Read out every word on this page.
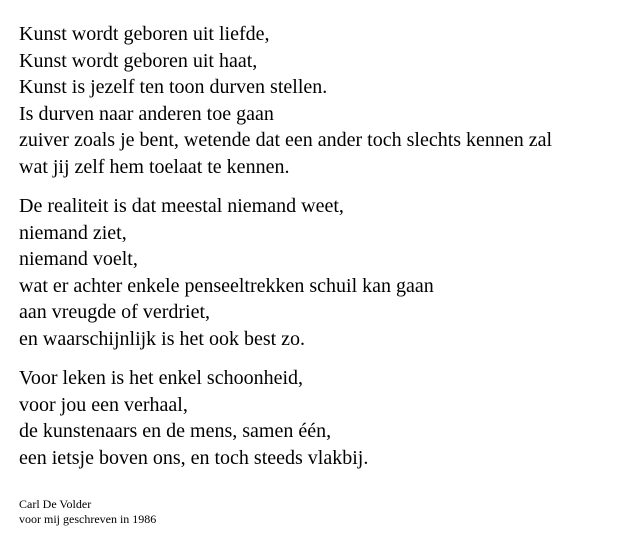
Kunst wordt geboren uit liefde,
Kunst wordt geboren uit haat,
Kunst is jezelf ten toon durven stellen.
Is durven naar anderen toe gaan
zuiver zoals je bent, wetende dat een ander toch slechts kennen zal
wat jij zelf hem toelaat te kennen.
De realiteit is dat meestal niemand weet,
niemand ziet,
niemand voelt,
wat er achter enkele penseeltrekken schuil kan gaan
aan vreugde of verdriet,
en waarschijnlijk is het ook best zo.
Voor leken is het enkel schoonheid,
voor jou een verhaal,
de kunstenaars en de mens, samen één,
een ietsje boven ons, en toch steeds vlakbij.
Carl De Volder
voor mij geschreven in 1986
